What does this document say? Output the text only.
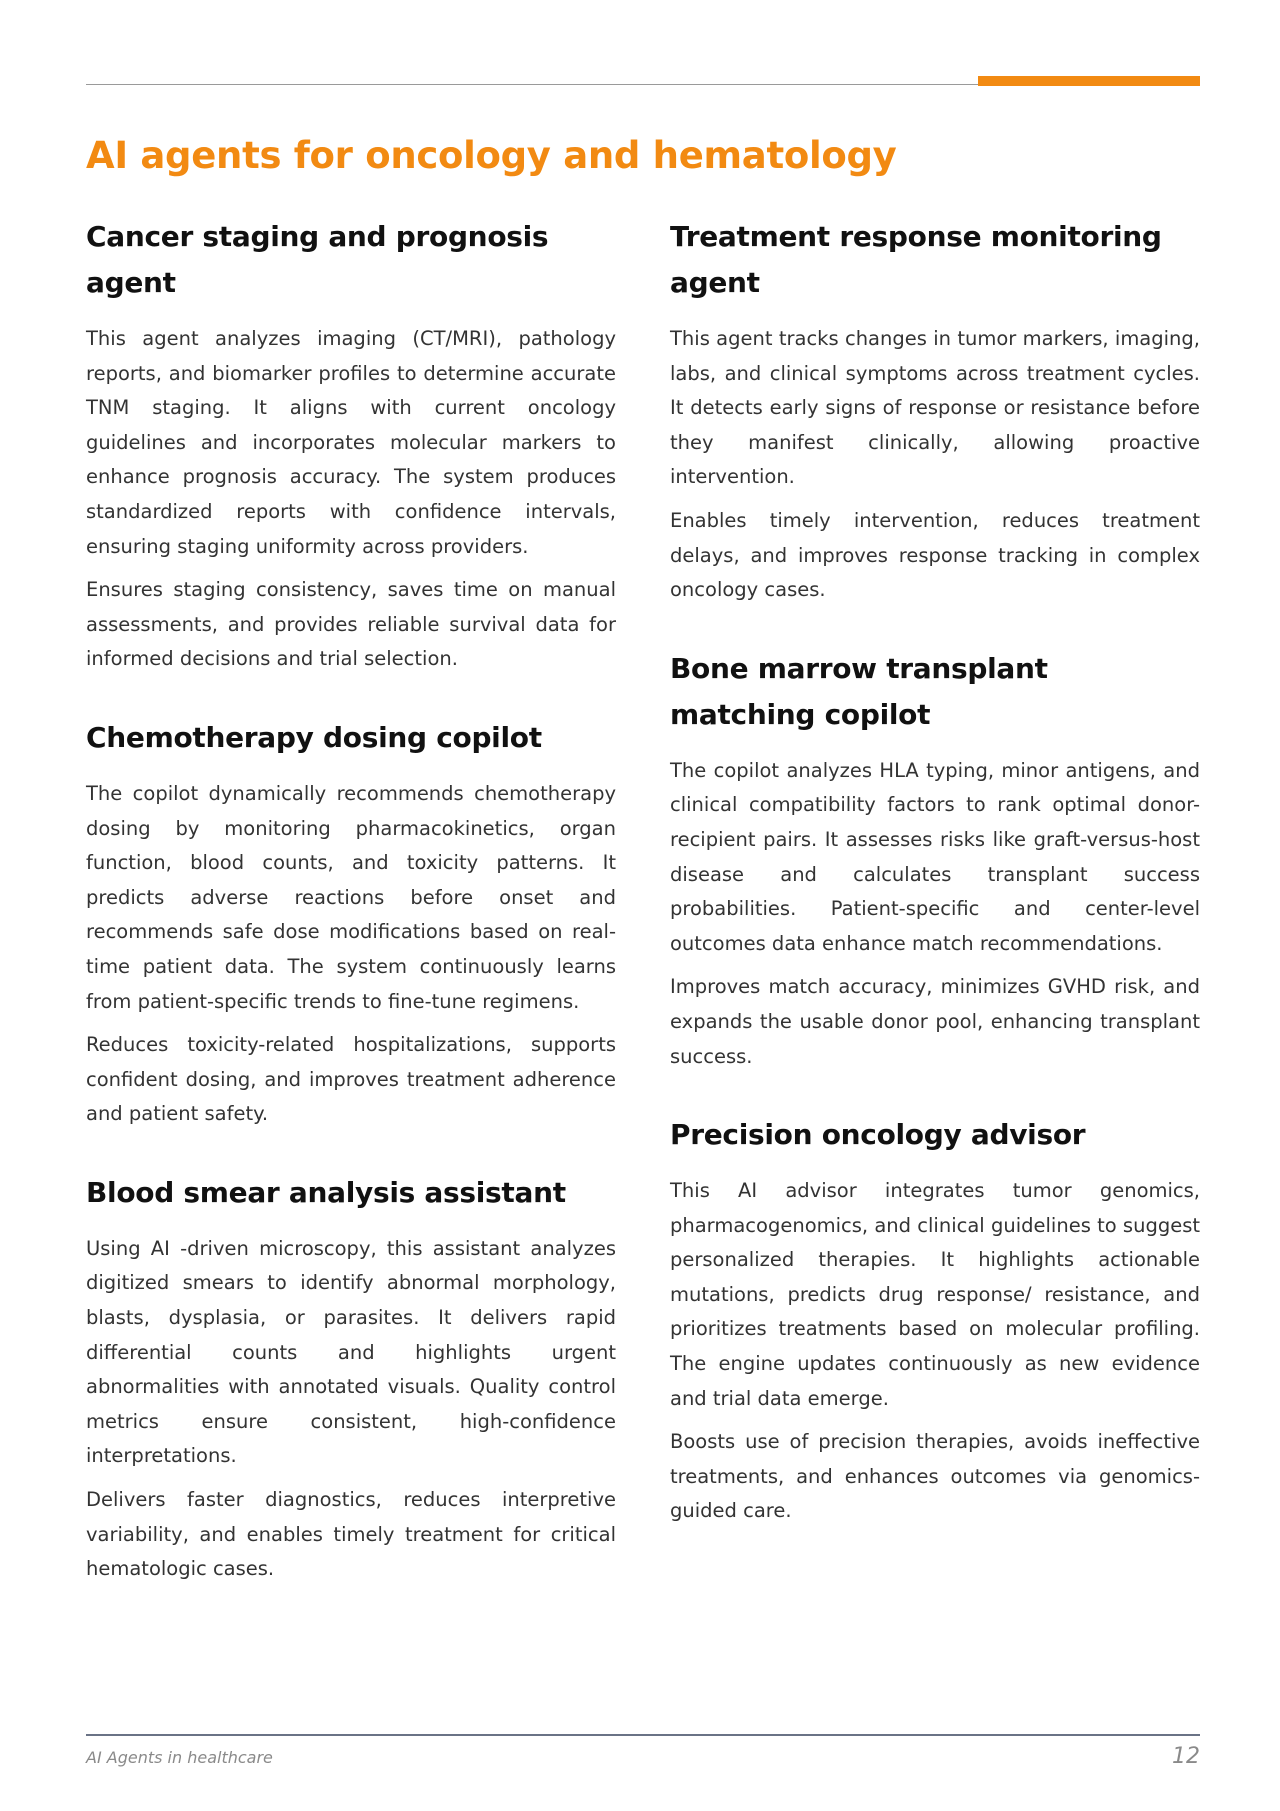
AI agents for oncology and hematology
Cancer staging and prognosis agent

This agent analyzes imaging (CT/MRI), pathology reports, and biomarker profiles to determine accurate TNM staging. It aligns with current oncology guidelines and incorporates molecular markers to enhance prognosis accuracy. The system produces standardized reports with confidence intervals, ensuring staging uniformity across providers.

Ensures staging consistency, saves time on manual assessments, and provides reliable survival data for informed decisions and trial selection.

Chemotherapy dosing copilot

The copilot dynamically recommends chemotherapy dosing by monitoring pharmacokinetics, organ function, blood counts, and toxicity patterns. It predicts adverse reactions before onset and recommends safe dose modifications based on real-time patient data. The system continuously learns from patient-specific trends to fine-tune regimens.

Reduces toxicity-related hospitalizations, supports confident dosing, and improves treatment adherence and patient safety.

Blood smear analysis assistant

Using AI -driven microscopy, this assistant analyzes digitized smears to identify abnormal morphology, blasts, dysplasia, or parasites. It delivers rapid differential counts and highlights urgent abnormalities with annotated visuals. Quality control metrics ensure consistent, high-confidence interpretations.

Delivers faster diagnostics, reduces interpretive variability, and enables timely treatment for critical hematologic cases.

Treatment response monitoring agent

This agent tracks changes in tumor markers, imaging, labs, and clinical symptoms across treatment cycles. It detects early signs of response or resistance before they manifest clinically, allowing proactive intervention.

Enables timely intervention, reduces treatment delays, and improves response tracking in complex oncology cases.

Bone marrow transplant matching copilot

The copilot analyzes HLA typing, minor antigens, and clinical compatibility factors to rank optimal donor-recipient pairs. It assesses risks like graft-versus-host disease and calculates transplant success probabilities. Patient-specific and center-level outcomes data enhance match recommendations.

Improves match accuracy, minimizes GVHD risk, and expands the usable donor pool, enhancing transplant success.

Precision oncology advisor

This AI advisor integrates tumor genomics, pharmacogenomics, and clinical guidelines to suggest personalized therapies. It highlights actionable mutations, predicts drug response/ resistance, and prioritizes treatments based on molecular profiling. The engine updates continuously as new evidence and trial data emerge.

Boosts use of precision therapies, avoids ineffective treatments, and enhances outcomes via genomics-guided care.

AI Agents in healthcare	12
